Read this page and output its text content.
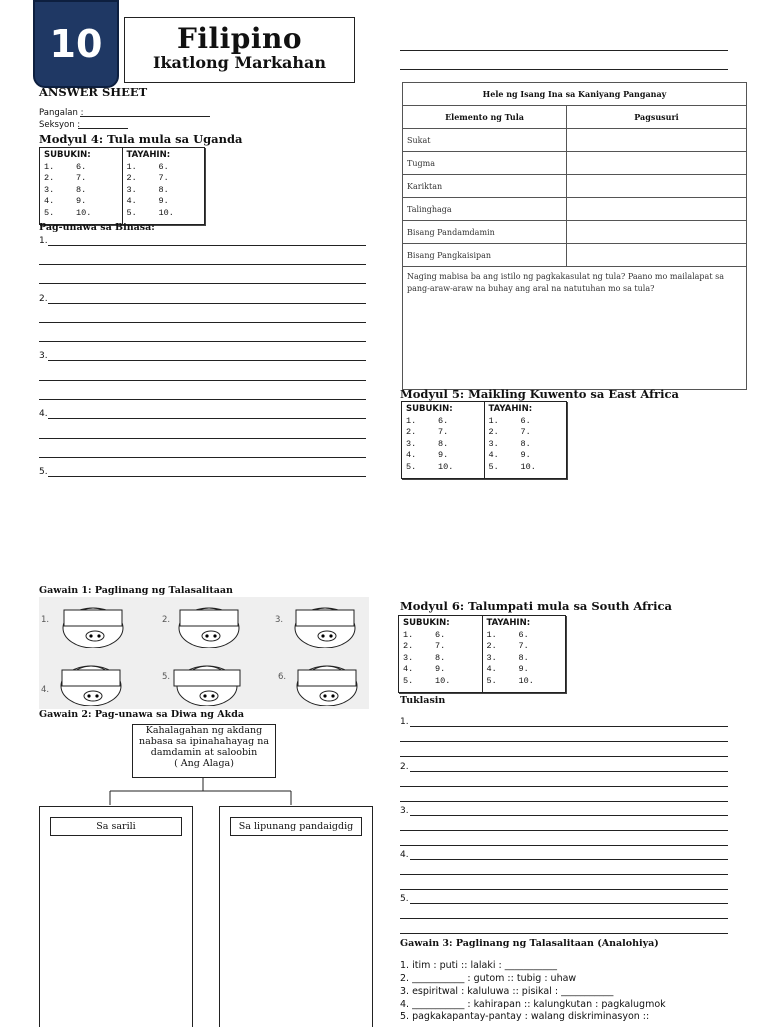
10	Filipino
Ikatlong Markahan
ANSWER SHEET
Pangalan :
Seksyon :
Modyul 4: Tula mula sa Uganda
SUBUKIN:
1.	6.
2.	7.
3.	8.
4.	9.
5.	10.
TAYAHIN:
1.	6.
2.	7.
3.	8.
4.	9.
5.	10.
Pag-unawa sa Binasa:
1.
2.
3.
4.
5.
Hele ng Isang Ina sa Kaniyang Panganay	
Elemento ng Tula	Pagsusuri
Sukat	
Tugma	
Kariktan	
Talinghaga	
Bisang Pandamdamin	
Bisang Pangkaisipan	
Naging mabisa ba ang istilo ng pagkakasulat ng tula? Paano mo mailalapat sa pang-araw-araw na buhay ang aral na natutuhan mo sa tula?	
Modyul 5: Maikling Kuwento sa East Africa
SUBUKIN:
1.	6.
2.	7.
3.	8.
4.	9.
5.	10.
TAYAHIN:
1.	6.
2.	7.
3.	8.
4.	9.
5.	10.
Gawain 1: Paglinang ng Talasalitaan
1.	2.	3.
4.
5.	6.
Gawain 2: Pag-unawa sa Diwa ng Akda
Kahalagahan ng akdang nabasa sa ipinahahayag na damdamin at saloobin
( Ang Alaga)
Sa sarili	Sa lipunang pandaigdig
Modyul 6: Talumpati mula sa South Africa
SUBUKIN:
1.	6.
2.	7.
3.	8.
4.	9.
5.	10.
TAYAHIN:
1.	6.
2.	7.
3.	8.
4.	9.
5.	10.
Tuklasin
1.
2.
3.
4.
5.
Gawain 3: Paglinang ng Talasalitaan (Analohiya)
1. itim : puti :: lalaki : ___________
2. ___________ : gutom :: tubig : uhaw
3. espiritwal : kaluluwa :: pisikal : ___________
4. ___________ : kahirapan :: kalungkutan : pagkalugmok
5. pagkakapantay-pantay : walang diskriminasyon ::
